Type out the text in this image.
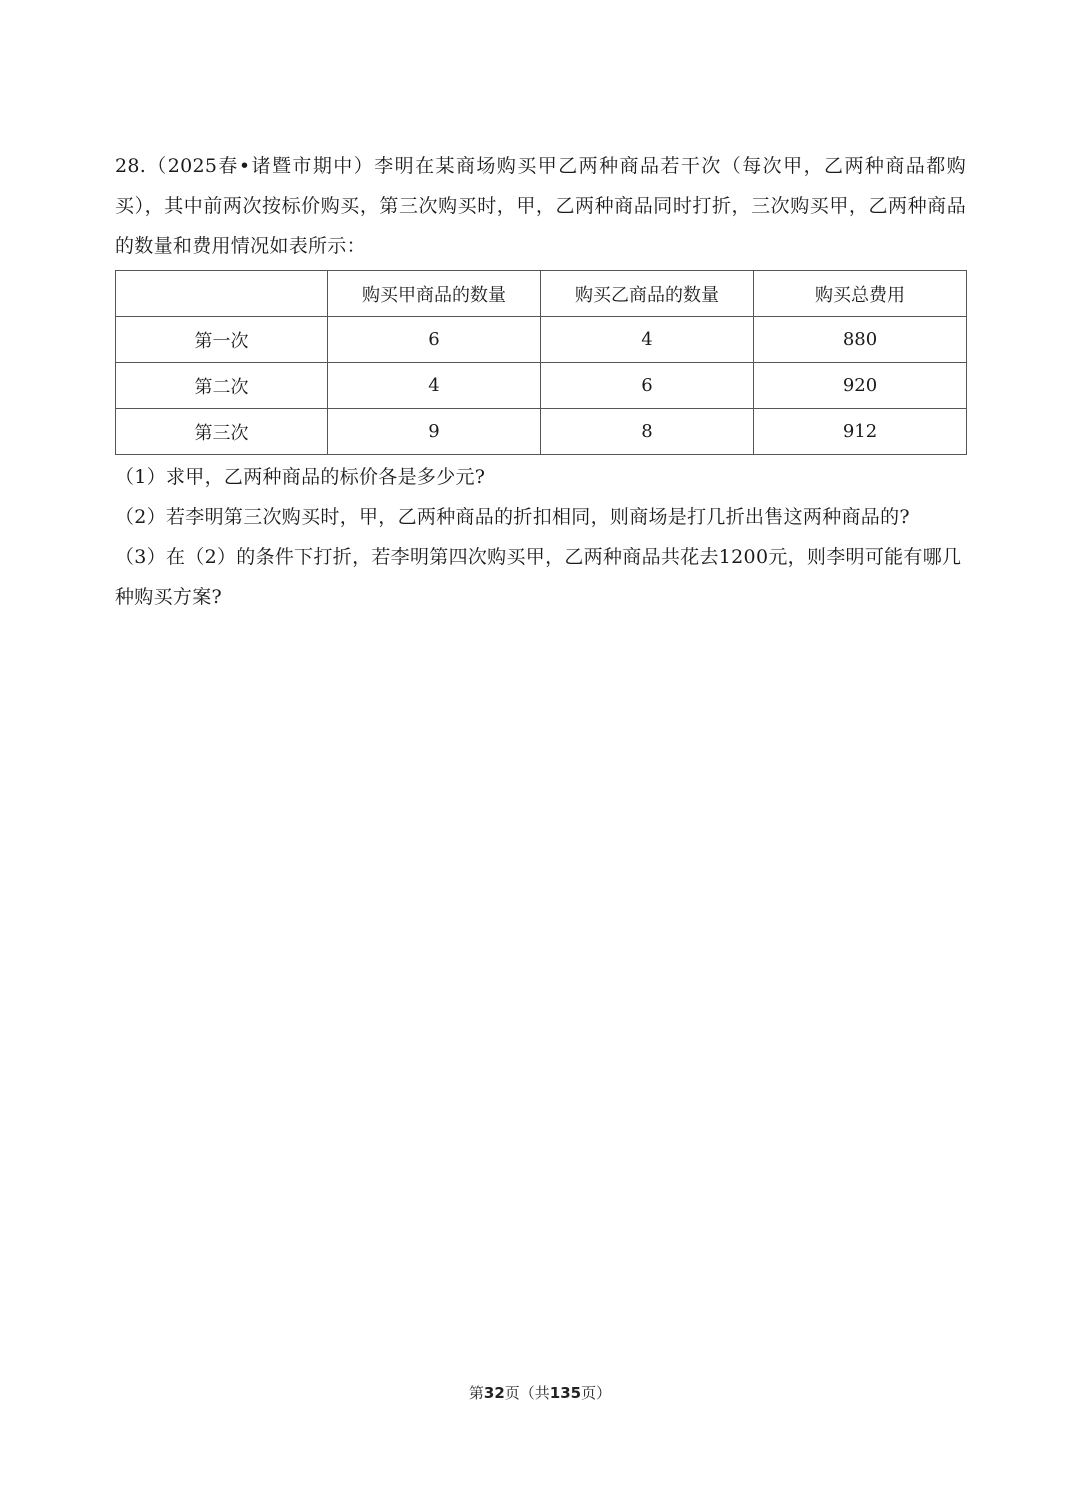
28.（2025春•诸暨市期中）李明在某商场购买甲乙两种商品若干次（每次甲，乙两种商品都购买），其中前两次按标价购买，第三次购买时，甲，乙两种商品同时打折，三次购买甲，乙两种商品的数量和费用情况如表所示：

	购买甲商品的数量	购买乙商品的数量	购买总费用
第一次	6	4	880
第二次	4	6	920
第三次	9	8	912

（1）求甲，乙两种商品的标价各是多少元?

（2）若李明第三次购买时，甲，乙两种商品的折扣相同，则商场是打几折出售这两种商品的?

（3）在（2）的条件下打折，若李明第四次购买甲，乙两种商品共花去1200元，则李明可能有哪几种购买方案?

第32页（共135页）
